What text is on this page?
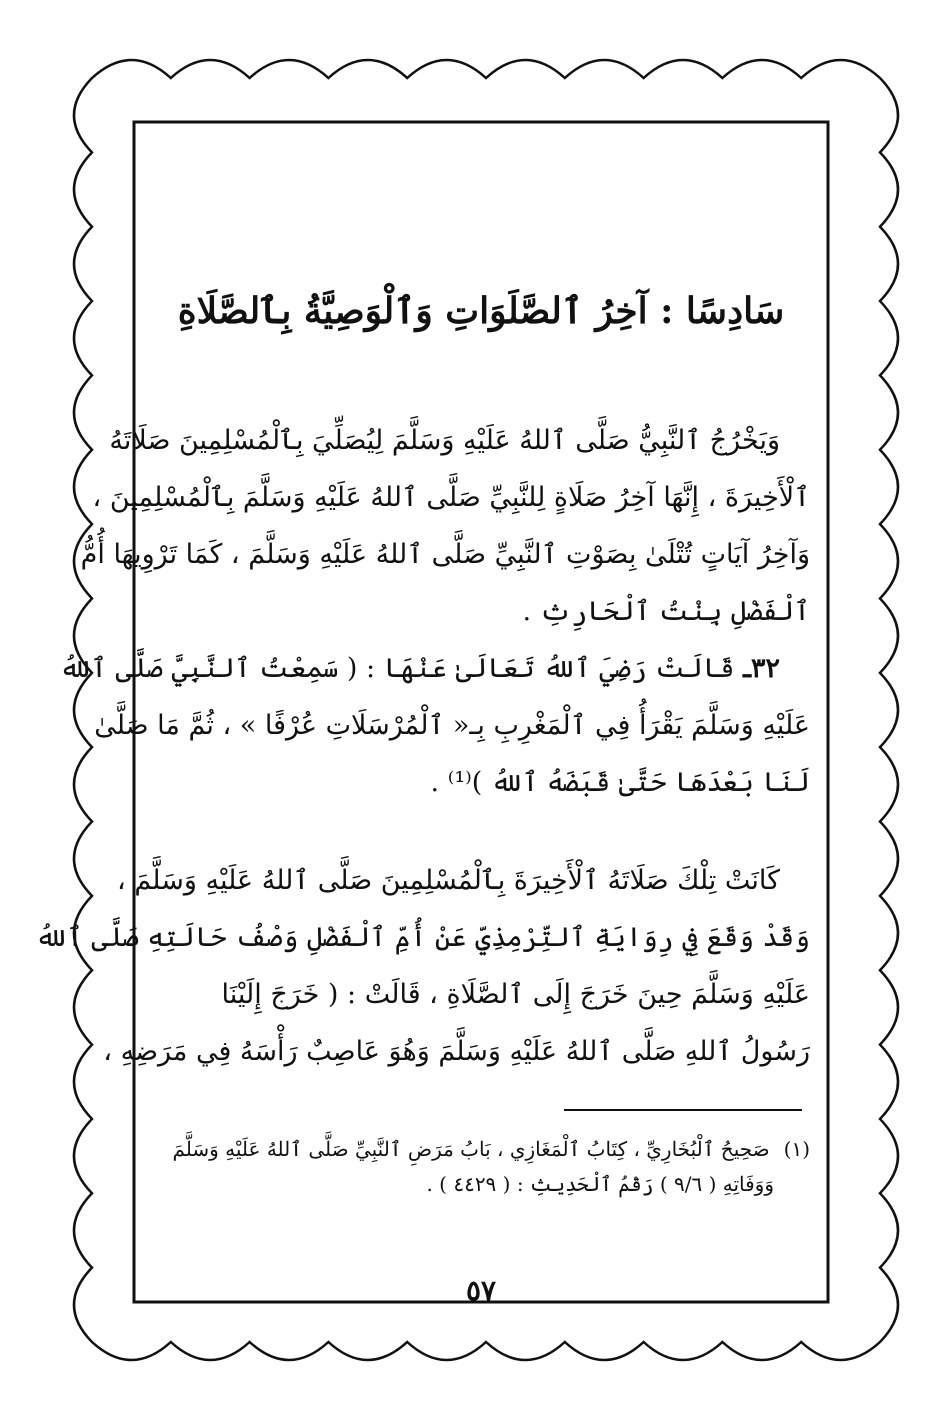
سَادِسًا : آخِرُ ٱلصَّلَوَاتِ وَٱلْوَصِيَّةُ بِٱلصَّلَاةِ
وَيَخْرُجُ ٱلنَّبِيُّ صَلَّى ٱللهُ عَلَيْهِ وَسَلَّمَ لِيُصَلِّيَ بِٱلْمُسْلِمِينَ صَلَاتَهُ
ٱلْأَخِيرَةَ ، إِنَّهَا آخِرُ صَلَاةٍ لِلنَّبِيِّ صَلَّى ٱللهُ عَلَيْهِ وَسَلَّمَ بِٱلْمُسْلِمِينَ ،
وَآخِرُ آيَاتٍ تُتْلَىٰ بِصَوْتِ ٱلنَّبِيِّ صَلَّى ٱللهُ عَلَيْهِ وَسَلَّمَ ، كَمَا تَرْوِيهَا أُمُّ
ٱلْفَضْلِ بِنْتُ ٱلْحَارِثِ .
٣٢ـ قَالَتْ رَضِيَ ٱللهُ تَعَالَىٰ عَنْهَا : ( سَمِعْتُ ٱلنَّبِيَّ صَلَّى ٱللهُ
عَلَيْهِ وَسَلَّمَ يَقْرَأُ فِي ٱلْمَغْرِبِ بِـ« ٱلْمُرْسَلَاتِ عُرْفًا » ، ثُمَّ مَا صَلَّىٰ
لَنَا بَعْدَهَا حَتَّىٰ قَبَضَهُ ٱللهُ )⁽¹⁾ .
كَانَتْ تِلْكَ صَلَاتَهُ ٱلْأَخِيرَةَ بِٱلْمُسْلِمِينَ صَلَّى ٱللهُ عَلَيْهِ وَسَلَّمَ ،
وَقَدْ وَقَعَ فِي رِوَايَةِ ٱلتِّرْمِذِيِّ عَنْ أُمِّ ٱلْفَضْلِ وَصْفُ حَالَتِهِ صَلَّى ٱللهُ
عَلَيْهِ وَسَلَّمَ حِينَ خَرَجَ إِلَى ٱلصَّلَاةِ ، قَالَتْ : ( خَرَجَ إِلَيْنَا
رَسُولُ ٱللهِ صَلَّى ٱللهُ عَلَيْهِ وَسَلَّمَ وَهُوَ عَاصِبٌ رَأْسَهُ فِي مَرَضِهِ ،
(١)صَحِيحُ ٱلْبُخَارِيِّ ، كِتَابُ ٱلْمَغَازِي ، بَابُ مَرَضِ ٱلنَّبِيِّ صَلَّى ٱللهُ عَلَيْهِ وَسَلَّمَ
وَوَفَاتِهِ ( ٩/٦ ) رَقْمُ ٱلْحَدِيثِ : ( ٤٤٢٩ ) .
٥٧
